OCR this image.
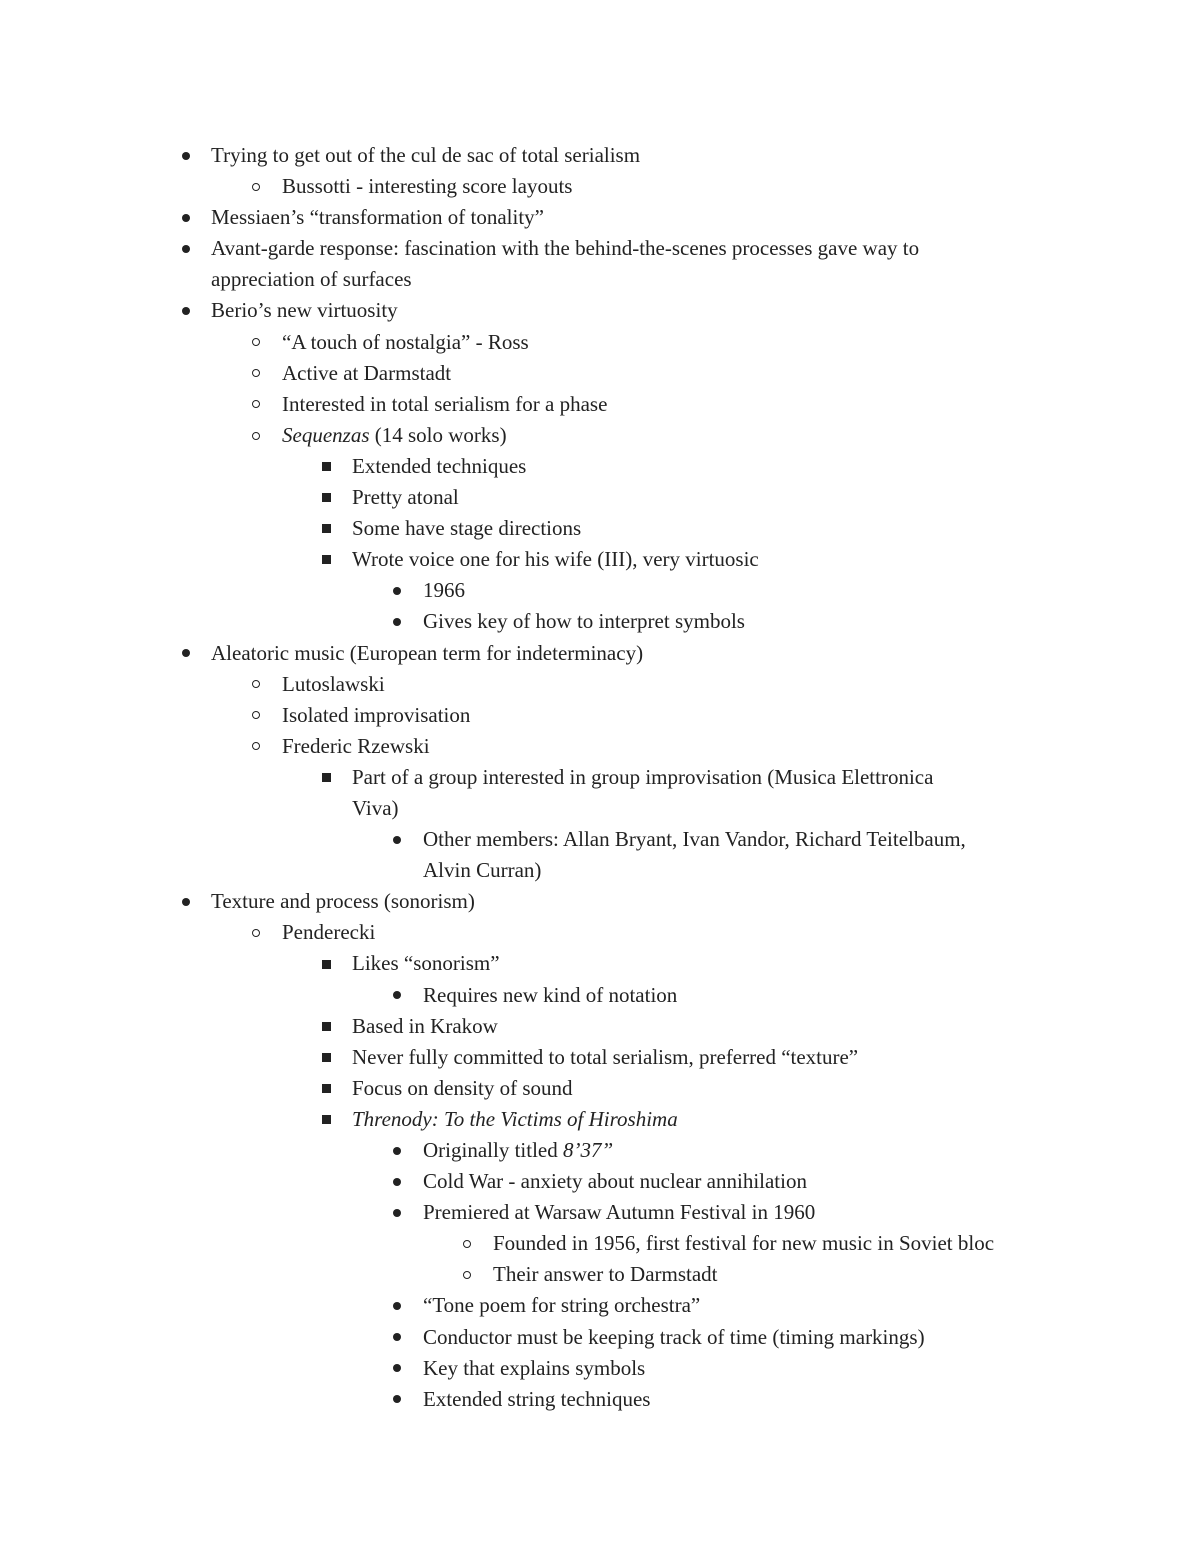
Trying to get out of the cul de sac of total serialism
Bussotti - interesting score layouts
Messiaen’s “transformation of tonality”
Avant-garde response: fascination with the behind-the-scenes processes gave way to
appreciation of surfaces
Berio’s new virtuosity
“A touch of nostalgia” - Ross
Active at Darmstadt
Interested in total serialism for a phase
Sequenzas (14 solo works)
Extended techniques
Pretty atonal
Some have stage directions
Wrote voice one for his wife (III), very virtuosic
1966
Gives key of how to interpret symbols
Aleatoric music (European term for indeterminacy)
Lutoslawski
Isolated improvisation
Frederic Rzewski
Part of a group interested in group improvisation (Musica Elettronica
Viva)
Other members: Allan Bryant, Ivan Vandor, Richard Teitelbaum,
Alvin Curran)
Texture and process (sonorism)
Penderecki
Likes “sonorism”
Requires new kind of notation
Based in Krakow
Never fully committed to total serialism, preferred “texture”
Focus on density of sound
Threnody: To the Victims of Hiroshima
Originally titled 8’37”
Cold War - anxiety about nuclear annihilation
Premiered at Warsaw Autumn Festival in 1960
Founded in 1956, first festival for new music in Soviet bloc
Their answer to Darmstadt
“Tone poem for string orchestra”
Conductor must be keeping track of time (timing markings)
Key that explains symbols
Extended string techniques
